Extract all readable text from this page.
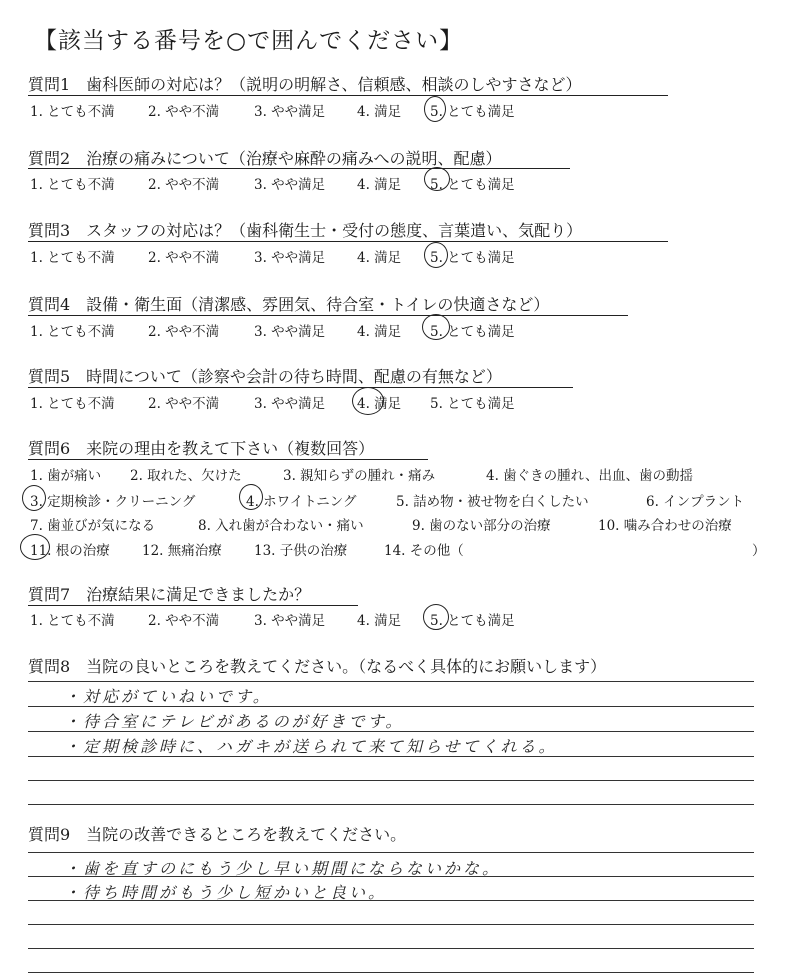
【該当する番号を○で囲んでください】
質問1　歯科医師の対応は？（説明の明解さ、信頼感、相談のしやすさなど）
1. とても不満 2. やや不満	3. やや満足 4. 満足 5. とても満足
質問2　治療の痛みについて（治療や麻酔の痛みへの説明、配慮）
1. とても不満 2. やや不満	3. やや満足 4. 満足 5. とても満足
質問3　スタッフの対応は？（歯科衛生士・受付の態度、言葉遣い、気配り）
1. とても不満 2. やや不満	3. やや満足 4. 満足 5. とても満足
質問4　設備・衛生面（清潔感、雰囲気、待合室・トイレの快適さなど）
1. とても不満 2. やや不満	3. やや満足 4. 満足 5. とても満足
質問5　時間について（診察や会計の待ち時間、配慮の有無など）
1. とても不満 2. やや不満	3. やや満足 4. 満足 5. とても満足
質問6　来院の理由を教えて下さい（複数回答）
1. 歯が痛い 2. 取れた、欠けた	3. 親知らずの腫れ・痛み	4. 歯ぐきの腫れ、出血、歯の動揺
3. 定期検診・クリーニング	4. ホワイトニング	5. 詰め物・被せ物を白くしたい	6. インプラント
7. 歯並びが気になる	8. 入れ歯が合わない・痛い	9. 歯のない部分の治療	10. 噛み合わせの治療
11. 根の治療 12. 無痛治療 13. 子供の治療	14. その他（	）
質問7　治療結果に満足できましたか？
1. とても不満 2. やや不満	3. やや満足 4. 満足 5. とても満足
質問8　当院の良いところを教えてください。（なるべく具体的にお願いします）
・対応がていねいです。
・待合室にテレビがあるのが好きです。
・定期検診時に、ハガキが送られて来て知らせてくれる。
質問9　当院の改善できるところを教えてください。
・歯を直すのにもう少し早い期間にならないかな。
・待ち時間がもう少し短かいと良い。
